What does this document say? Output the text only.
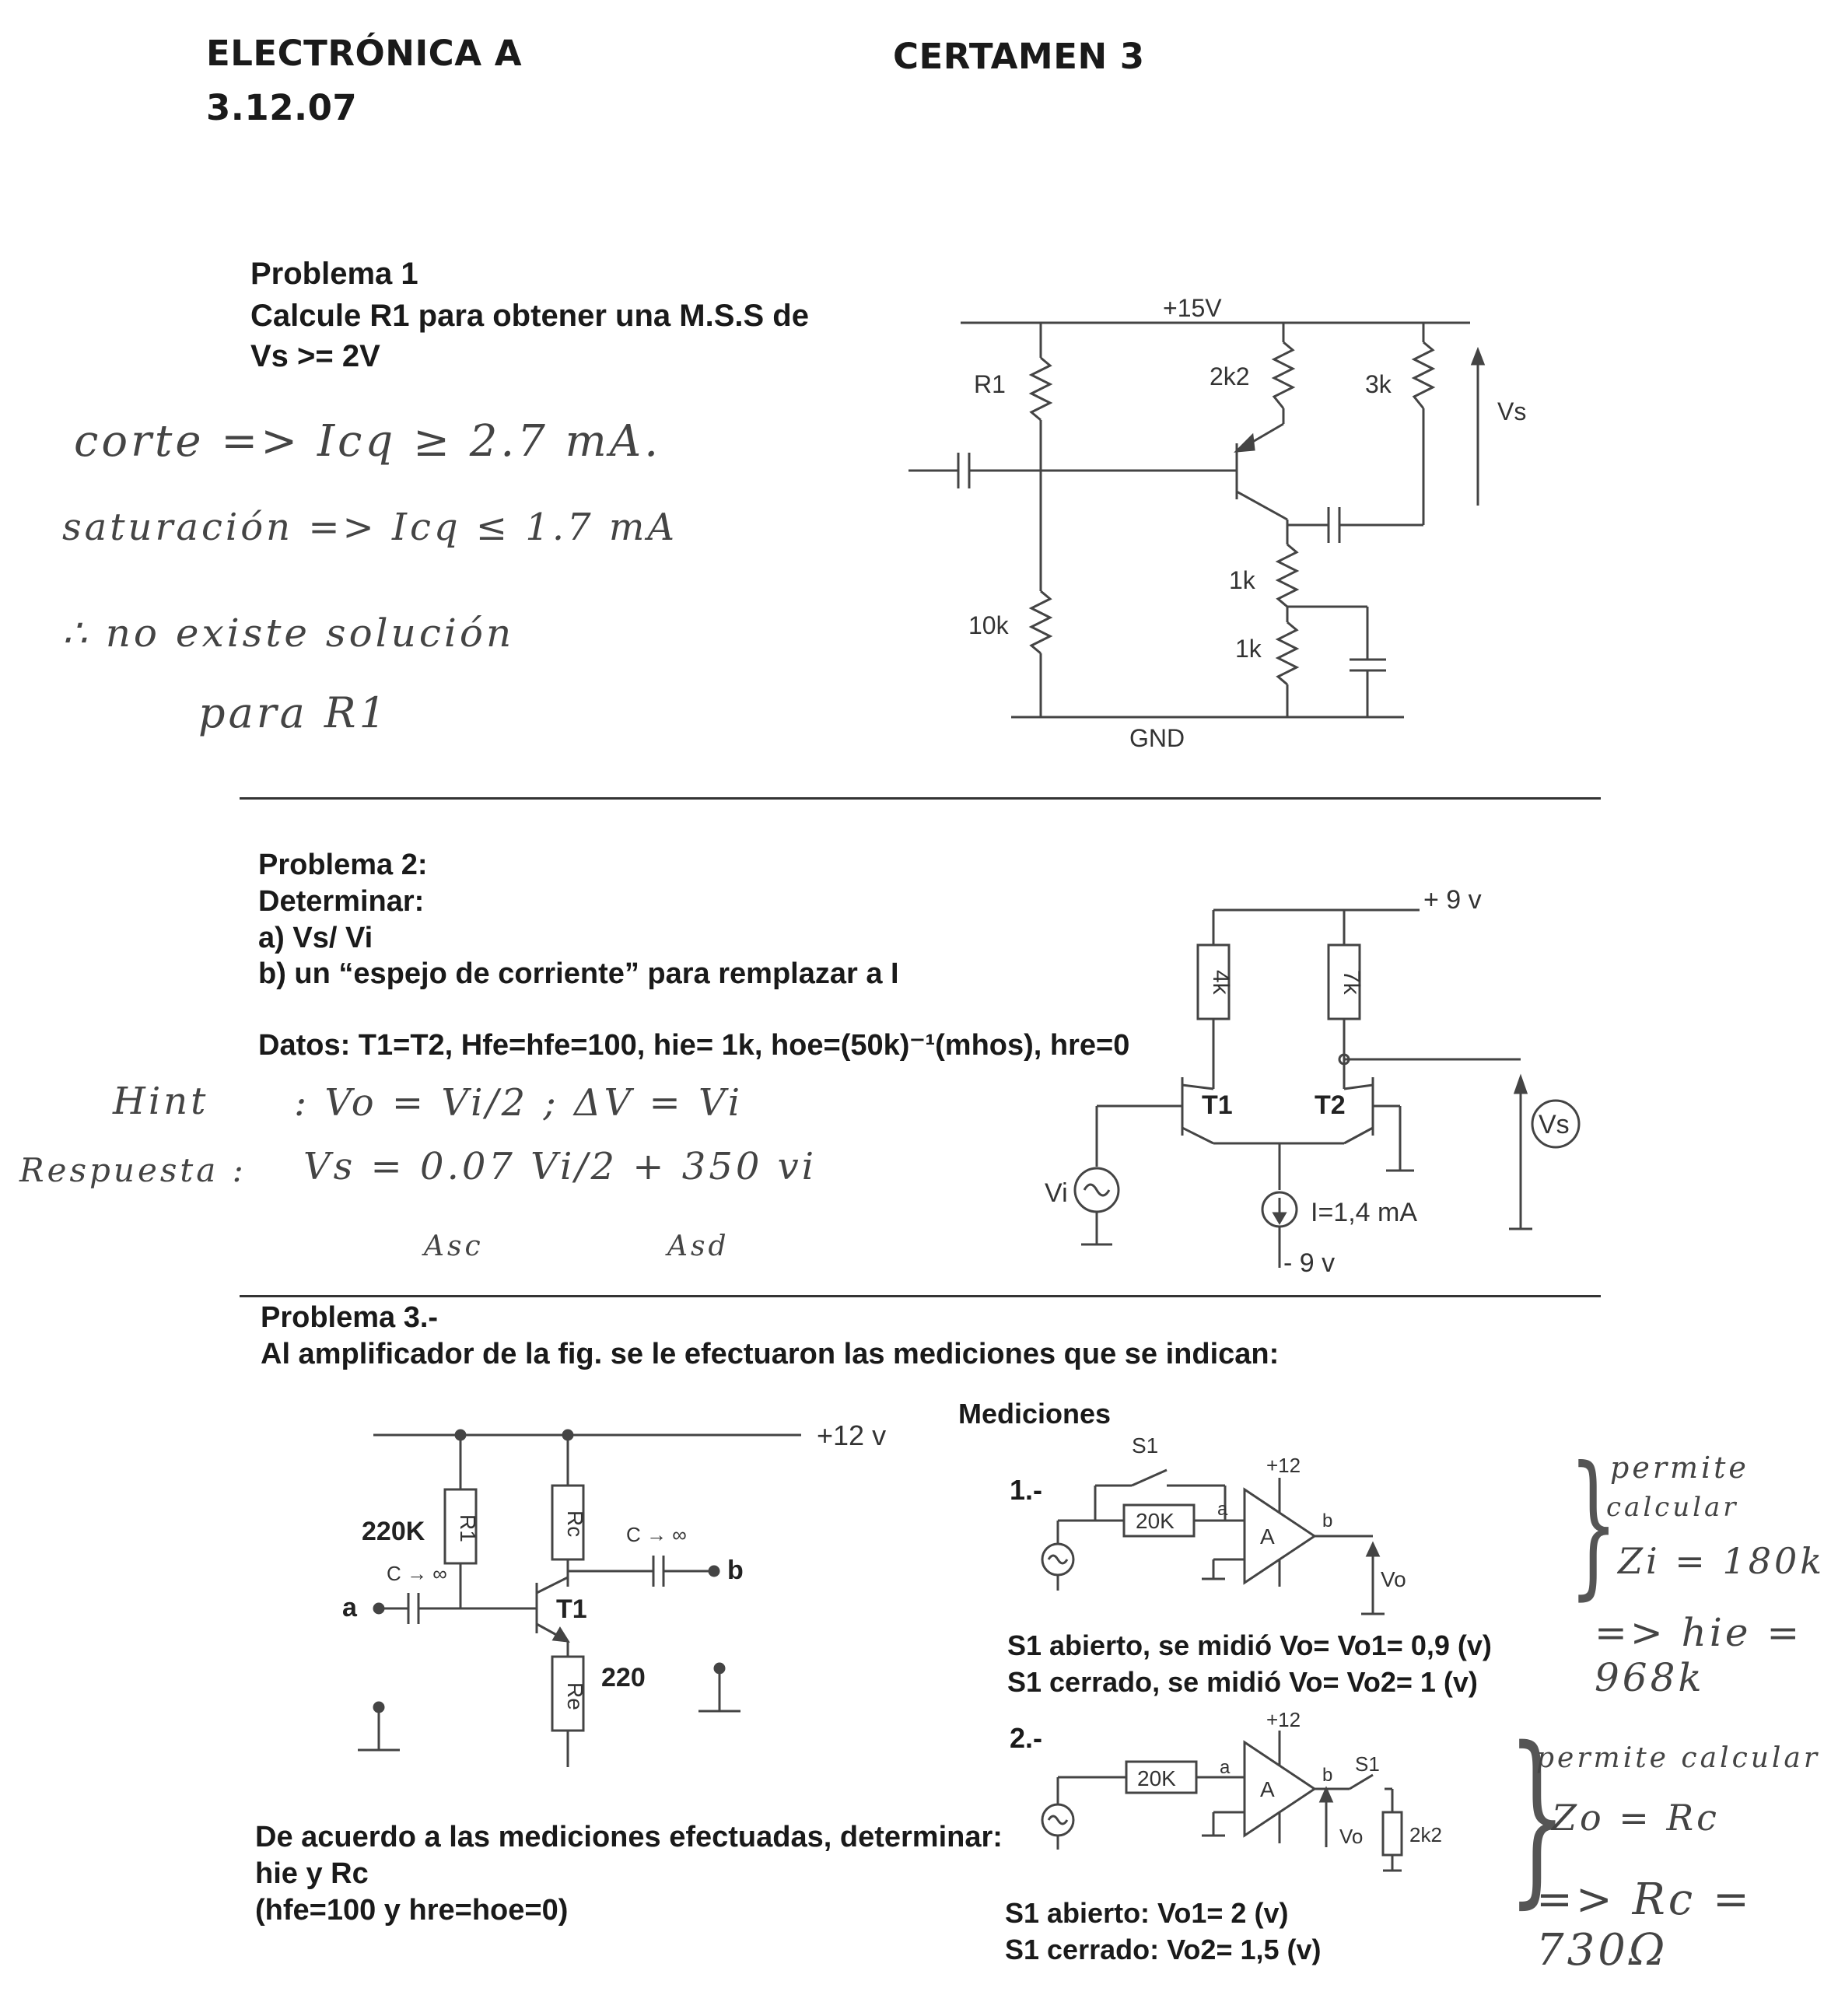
ELECTRÓNICA A
3.12.07
CERTAMEN 3
Problema 1
Calcule R1 para obtener una M.S.S de
Vs >= 2V
corte => Icq ≥ 2.7 mA.
saturación => Icq ≤ 1.7 mA
∴ no existe solución
para R1
+15V
R1
10k
2k2	3k
1k
1k
Vs
GND
Problema 2:
Determinar:
a) Vs/ Vi
b) un “espejo de corriente” para remplazar a I
Datos: T1=T2, Hfe=hfe=100, hie= 1k, hoe=(50k)⁻¹(mhos), hre=0
Hint : Vo = Vi/2 ; ΔV = Vi
Respuesta : Vs = 0.07 Vi/2 + 350 vi
Asc	Asd
4k	7k
+ 9 v
- 9 v
T1	T2
Vi
Vs
I=1,4 mA
Problema 3.-
Al amplificador de la fig. se le efectuaron las mediciones que se indican:
+12 v
220K R1	Rc
Re
220
T1
C → ∞
C → ∞
a
b
De acuerdo a las mediciones efectuadas, determinar:
hie y Rc
(hfe=100 y hre=hoe=0)
Mediciones
1.-
S1
+12
20K
A
a
b
Vo
S1 abierto, se midió Vo= Vo1= 0,9 (v)
S1 cerrado, se midió Vo= Vo2= 1 (v)
2.-
+12
20K	A
a	b S1
Vo 2k2
S1 abierto: Vo1= 2 (v)
S1 cerrado: Vo2= 1,5 (v)
}
permite
calcular
Zi = 180k
=> hie = 968k
}
permite calcular
Zo = Rc
=> Rc = 730Ω
